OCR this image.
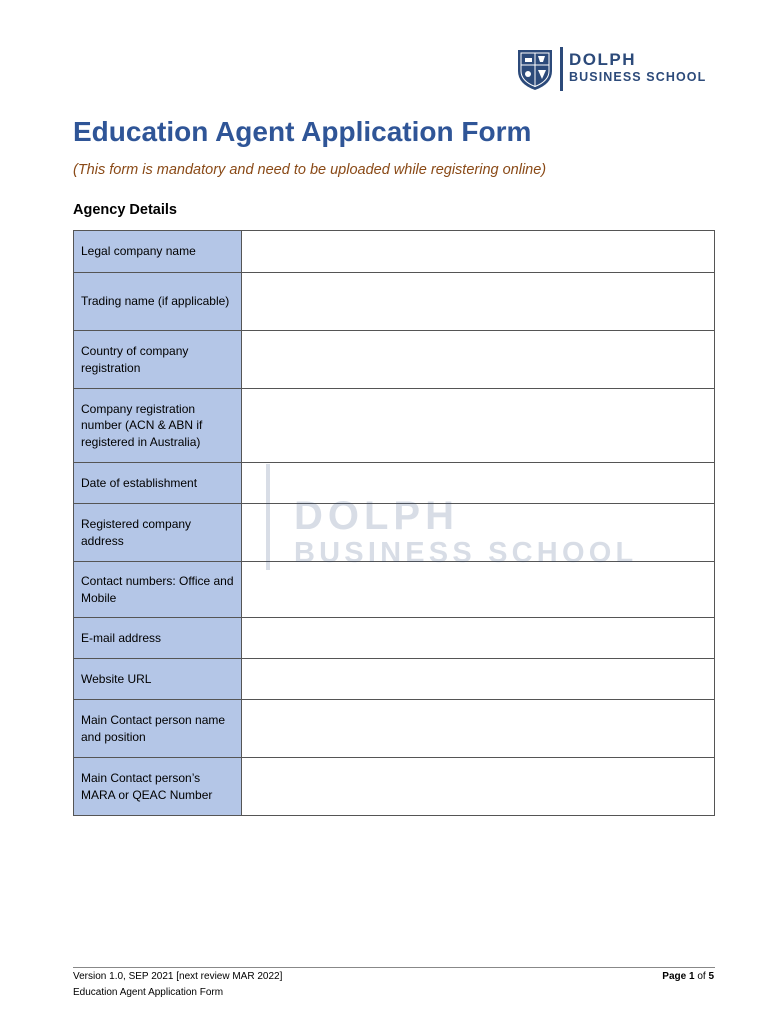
DOLPH
BUSINESS SCHOOL
Education Agent Application Form
(This form is mandatory and need to be uploaded while registering online)
Agency Details
Legal company name	

Trading name (if applicable)	

Country of company registration	

Company registration number (ACN & ABN if registered in Australia)	

Date of establishment	

Registered company address	

Contact numbers: Office and Mobile	

E-mail address	

Website URL	

Main Contact person name and position	

Main Contact person’s MARA or QEAC Number	

Version 1.0, SEP 2021 [next review MAR 2022]
Education Agent Application Form
Page 1 of 5
